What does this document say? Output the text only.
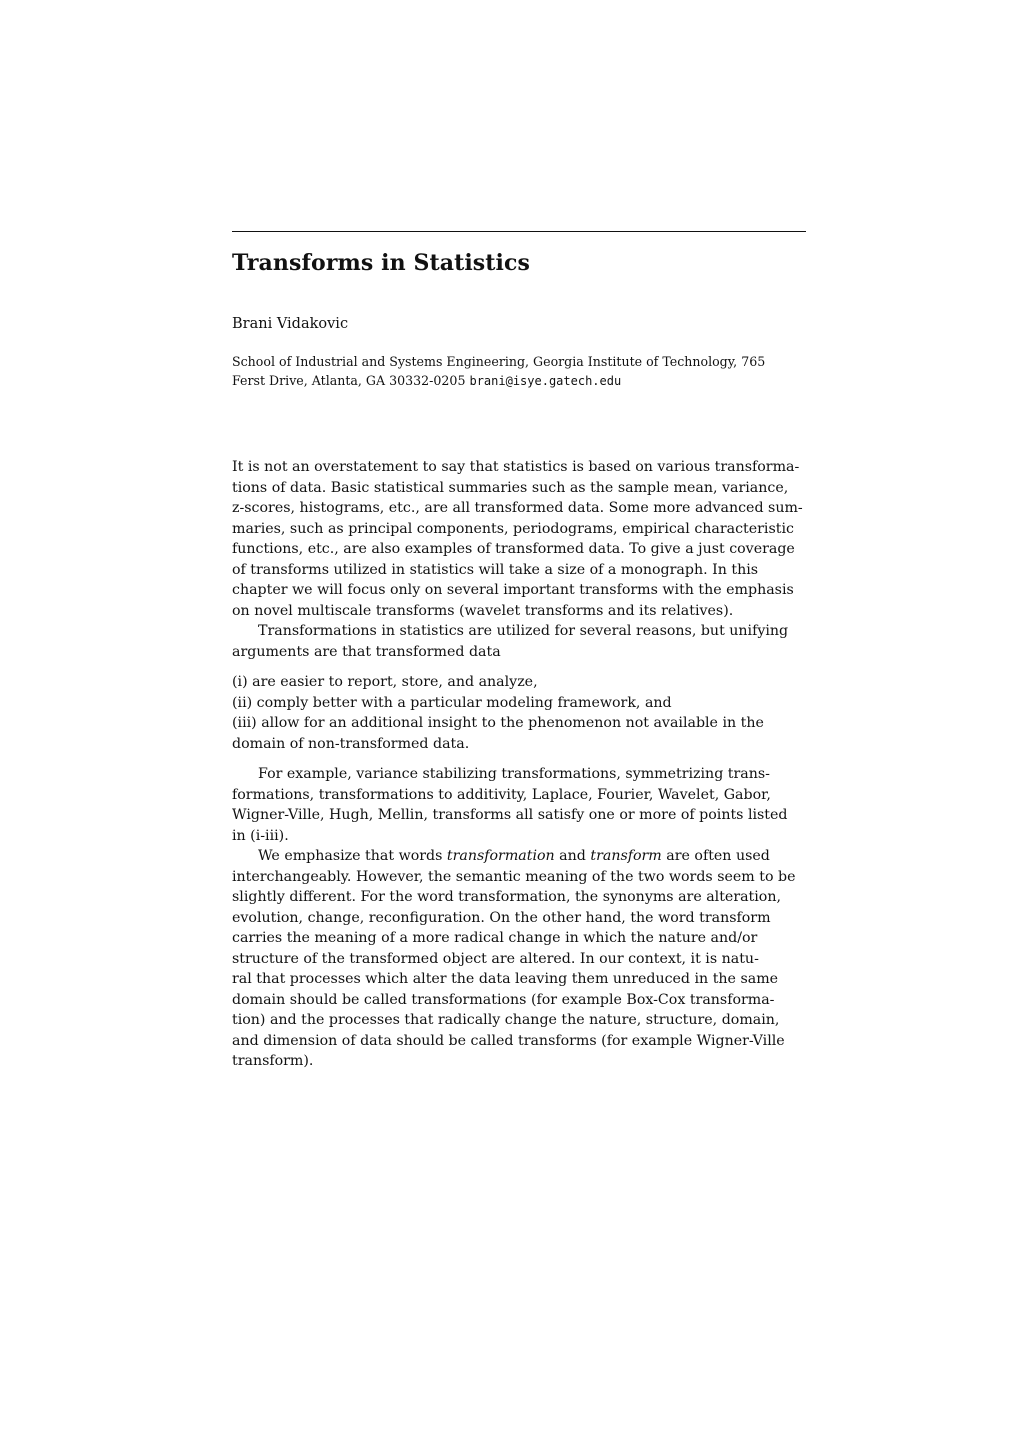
Transforms in Statistics
Brani Vidakovic
School of Industrial and Systems Engineering, Georgia Institute of Technology, 765
Ferst Drive, Atlanta, GA 30332-0205 brani@isye.gatech.edu
It is not an overstatement to say that statistics is based on various transforma-
tions of data. Basic statistical summaries such as the sample mean, variance,
z-scores, histograms, etc., are all transformed data. Some more advanced sum-
maries, such as principal components, periodograms, empirical characteristic
functions, etc., are also examples of transformed data. To give a just coverage
of transforms utilized in statistics will take a size of a monograph. In this
chapter we will focus only on several important transforms with the emphasis
on novel multiscale transforms (wavelet transforms and its relatives).
Transformations in statistics are utilized for several reasons, but unifying
arguments are that transformed data
(i) are easier to report, store, and analyze,
(ii) comply better with a particular modeling framework, and
(iii) allow for an additional insight to the phenomenon not available in the
domain of non-transformed data.
For example, variance stabilizing transformations, symmetrizing trans-
formations, transformations to additivity, Laplace, Fourier, Wavelet, Gabor,
Wigner-Ville, Hugh, Mellin, transforms all satisfy one or more of points listed
in (i-iii).
We emphasize that words transformation and transform are often used
interchangeably. However, the semantic meaning of the two words seem to be
slightly different. For the word transformation, the synonyms are alteration,
evolution, change, reconfiguration. On the other hand, the word transform
carries the meaning of a more radical change in which the nature and/or
structure of the transformed object are altered. In our context, it is natu-
ral that processes which alter the data leaving them unreduced in the same
domain should be called transformations (for example Box-Cox transforma-
tion) and the processes that radically change the nature, structure, domain,
and dimension of data should be called transforms (for example Wigner-Ville
transform).
